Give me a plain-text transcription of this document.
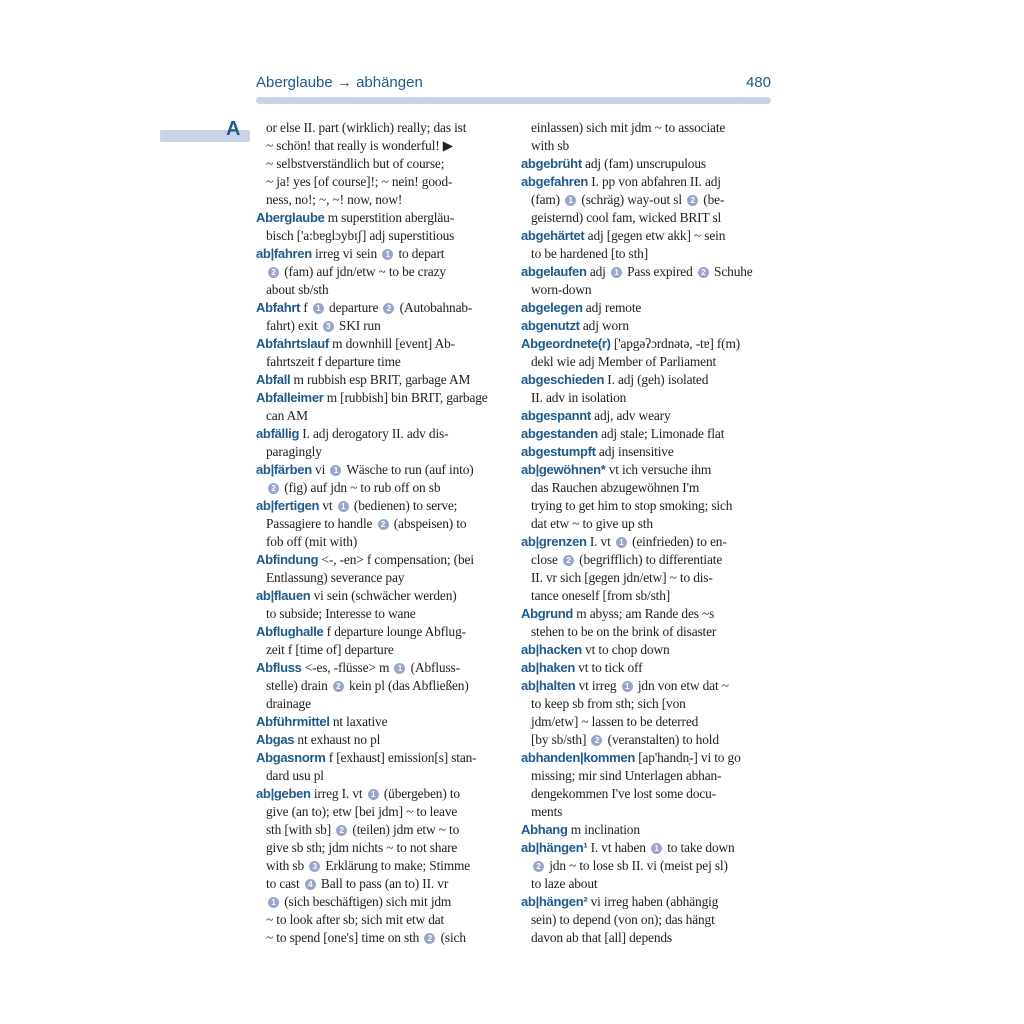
Aberglaube → abhängen	480
A	or else II. part (wirklich) really; das ist
~ schön! that really is wonderful! ▶
~ selbstverständlich but of course;
~ ja! yes [of course]!; ~ nein! good-
ness, no!; ~, ~! now, now!
Aberglaube m superstition abergläu-
bisch ['a:bɐglɔybɪʃ] adj superstitious
ab|fahren irreg vi sein 1 to depart
2 (fam) auf jdn/etw ~ to be crazy
about sb/sth
Abfahrt f 1 departure 2 (Autobahnab-
fahrt) exit 3 SKI run
Abfahrtslauf m downhill [event] Ab-
fahrtszeit f departure time
Abfall m rubbish esp BRIT, garbage AM
Abfalleimer m [rubbish] bin BRIT, garbage
can AM
abfällig I. adj derogatory II. adv dis-
paragingly
ab|färben vi 1 Wäsche to run (auf into)
2 (fig) auf jdn ~ to rub off on sb
ab|fertigen vt 1 (bedienen) to serve;
Passagiere to handle 2 (abspeisen) to
fob off (mit with)
Abfindung <-, -en> f compensation; (bei
Entlassung) severance pay
ab|flauen vi sein (schwächer werden)
to subside; Interesse to wane
Abflughalle f departure lounge Abflug-
zeit f [time of] departure
Abfluss <-es, -flüsse> m 1 (Abfluss-
stelle) drain 2 kein pl (das Abfließen)
drainage
Abführmittel nt laxative
Abgas nt exhaust no pl
Abgasnorm f [exhaust] emission[s] stan-
dard usu pl
ab|geben irreg I. vt 1 (übergeben) to
give (an to); etw [bei jdm] ~ to leave
sth [with sb] 2 (teilen) jdm etw ~ to
give sb sth; jdm nichts ~ to not share
with sb 3 Erklärung to make; Stimme
to cast 4 Ball to pass (an to) II. vr
1 (sich beschäftigen) sich mit jdm
~ to look after sb; sich mit etw dat
~ to spend [one's] time on sth 2 (sich
einlassen) sich mit jdm ~ to associate
with sb
abgebrüht adj (fam) unscrupulous
abgefahren I. pp von abfahren II. adj
(fam) 1 (schräg) way-out sl 2 (be-
geisternd) cool fam, wicked BRIT sl
abgehärtet adj [gegen etw akk] ~ sein
to be hardened [to sth]
abgelaufen adj 1 Pass expired 2 Schuhe
worn-down
abgelegen adj remote
abgenutzt adj worn
Abgeordnete(r) ['apgəʔɔrdnətə, -tɐ] f(m)
dekl wie adj Member of Parliament
abgeschieden I. adj (geh) isolated
II. adv in isolation
abgespannt adj, adv weary
abgestanden adj stale; Limonade flat
abgestumpft adj insensitive
ab|gewöhnen* vt ich versuche ihm
das Rauchen abzugewöhnen I'm
trying to get him to stop smoking; sich
dat etw ~ to give up sth
ab|grenzen I. vt 1 (einfrieden) to en-
close 2 (begrifflich) to differentiate
II. vr sich [gegen jdn/etw] ~ to dis-
tance oneself [from sb/sth]
Abgrund m abyss; am Rande des ~s
stehen to be on the brink of disaster
ab|hacken vt to chop down
ab|haken vt to tick off
ab|halten vt irreg 1 jdn von etw dat ~
to keep sb from sth; sich [von
jdm/etw] ~ lassen to be deterred
[by sb/sth] 2 (veranstalten) to hold
abhanden|kommen [ap'handn̩-] vi to go
missing; mir sind Unterlagen abhan-
dengekommen I've lost some docu-
ments
Abhang m inclination
ab|hängen¹ I. vt haben 1 to take down
2 jdn ~ to lose sb II. vi (meist pej sl)
to laze about
ab|hängen² vi irreg haben (abhängig
sein) to depend (von on); das hängt
davon ab that [all] depends
